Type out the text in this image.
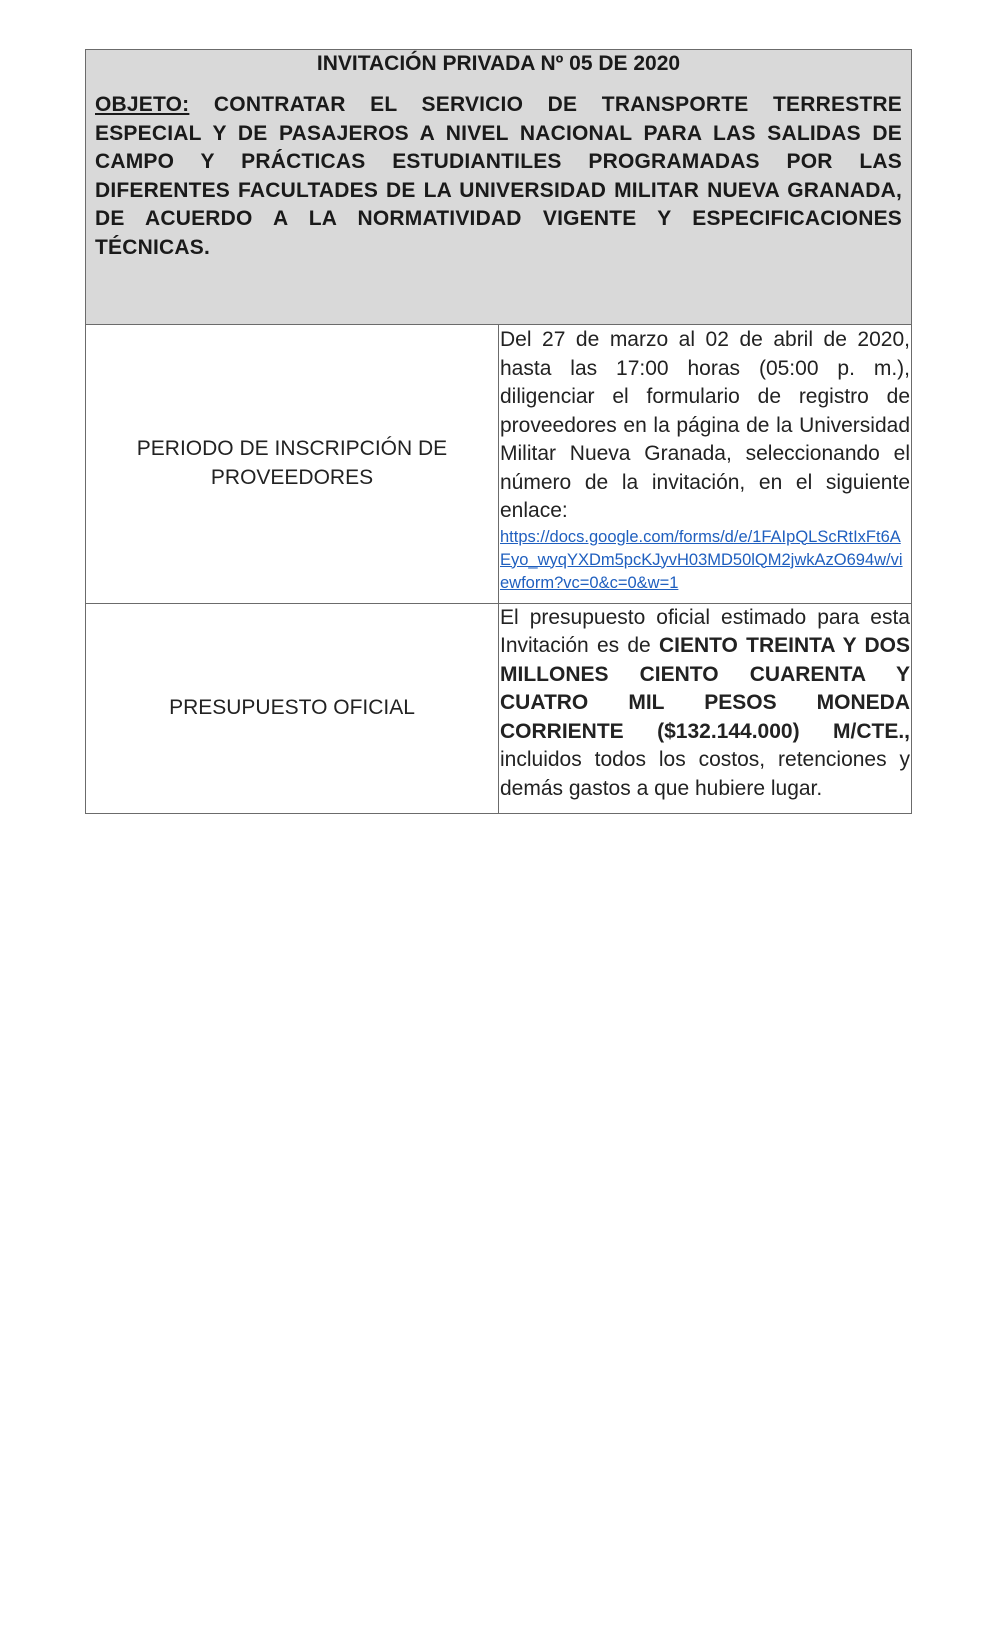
INVITACIÓN PRIVADA Nº 05 DE 2020

OBJETO: CONTRATAR EL SERVICIO DE TRANSPORTE TERRESTRE ESPECIAL Y DE PASAJEROS A NIVEL NACIONAL PARA LAS SALIDAS DE CAMPO Y PRÁCTICAS ESTUDIANTILES PROGRAMADAS POR LAS DIFERENTES FACULTADES DE LA UNIVERSIDAD MILITAR NUEVA GRANADA, DE ACUERDO A LA NORMATIVIDAD VIGENTE Y ESPECIFICACIONES TÉCNICAS.	

PERIODO DE INSCRIPCIÓN DE PROVEEDORES	Del 27 de marzo al 02 de abril de 2020, hasta las 17:00 horas (05:00 p. m.), diligenciar el formulario de registro de proveedores en la página de la Universidad Militar Nueva Granada, seleccionando el número de la invitación, en el siguiente enlace:
https://docs.google.com/forms/d/e/1FAIpQLScRtIxFt6AEyo_wyqYXDm5pcKJyvH03MD50lQM2jwkAzO694w/viewform?vc=0&c=0&w=1

PRESUPUESTO OFICIAL	El presupuesto oficial estimado para esta Invitación es de CIENTO TREINTA Y DOS MILLONES CIENTO CUARENTA Y CUATRO MIL PESOS MONEDA CORRIENTE ($132.144.000) M/CTE., incluidos todos los costos, retenciones y demás gastos a que hubiere lugar.
